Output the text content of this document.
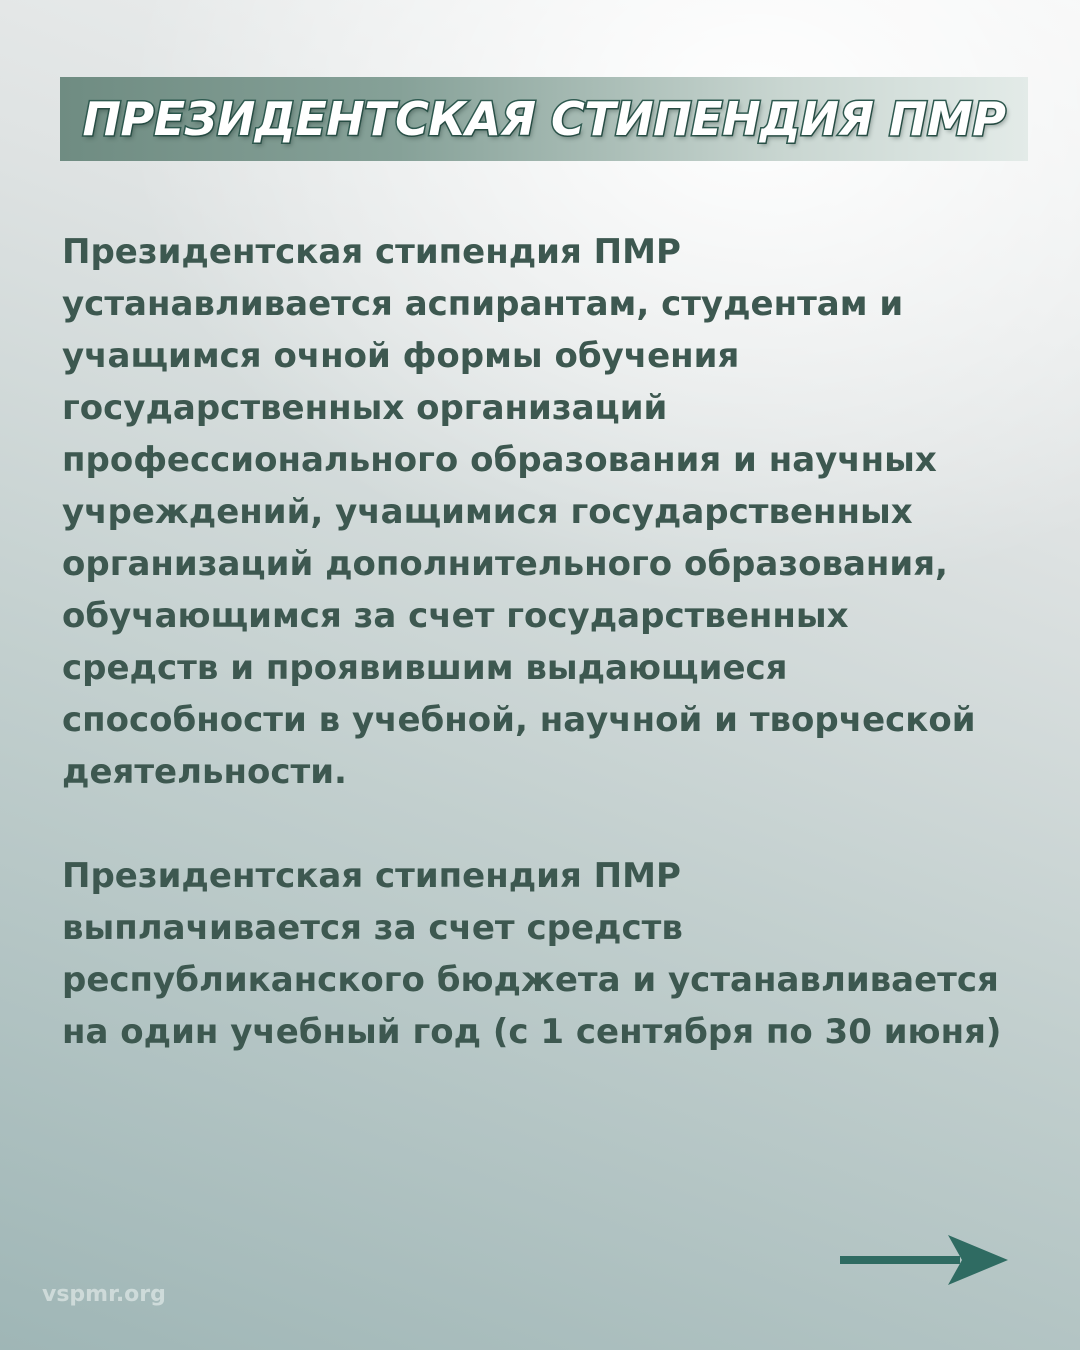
ПРЕЗИДЕНТСКАЯ СТИПЕНДИЯ ПМР
Президентская стипендия ПМР
устанавливается аспирантам, студентам и
учащимся очной формы обучения
государственных организаций
профессионального образования и научных
учреждений, учащимися государственных
организаций дополнительного образования,
обучающимся за счет государственных
средств и проявившим выдающиеся
способности в учебной, научной и творческой
деятельности.
Президентская стипендия ПМР
выплачивается за счет средств
республиканского бюджета и устанавливается
на один учебный год (с 1 сентября по 30 июня)
vspmr.org
